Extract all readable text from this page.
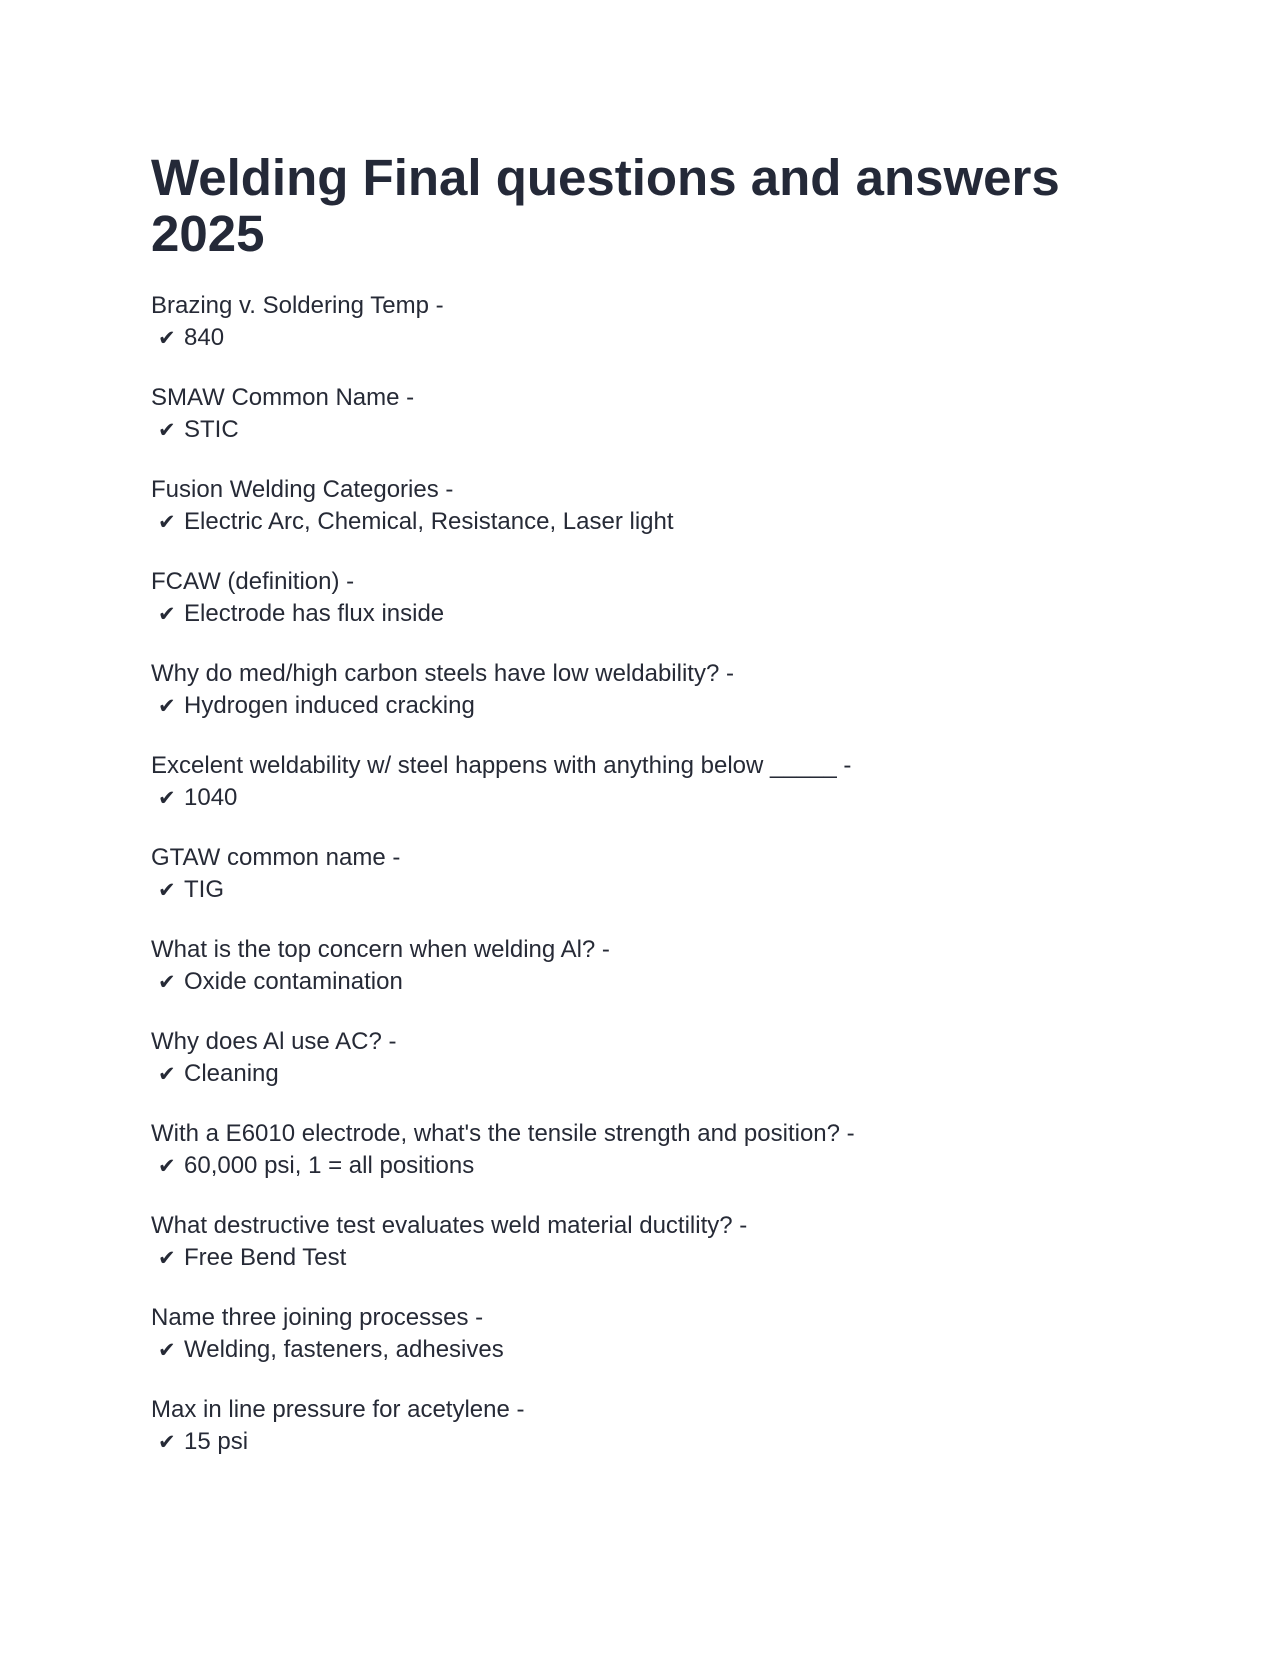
Welding Final questions and answers 2025
Brazing v. Soldering Temp -
✔ 840
SMAW Common Name -
✔ STIC
Fusion Welding Categories -
✔ Electric Arc, Chemical, Resistance, Laser light
FCAW (definition) -
✔ Electrode has flux inside
Why do med/high carbon steels have low weldability? -
✔ Hydrogen induced cracking
Excelent weldability w/ steel happens with anything below _____ -
✔ 1040
GTAW common name -
✔ TIG
What is the top concern when welding Al? -
✔ Oxide contamination
Why does Al use AC? -
✔ Cleaning
With a E6010 electrode, what's the tensile strength and position? -
✔ 60,000 psi, 1 = all positions
What destructive test evaluates weld material ductility? -
✔ Free Bend Test
Name three joining processes -
✔ Welding, fasteners, adhesives
Max in line pressure for acetylene -
✔ 15 psi
